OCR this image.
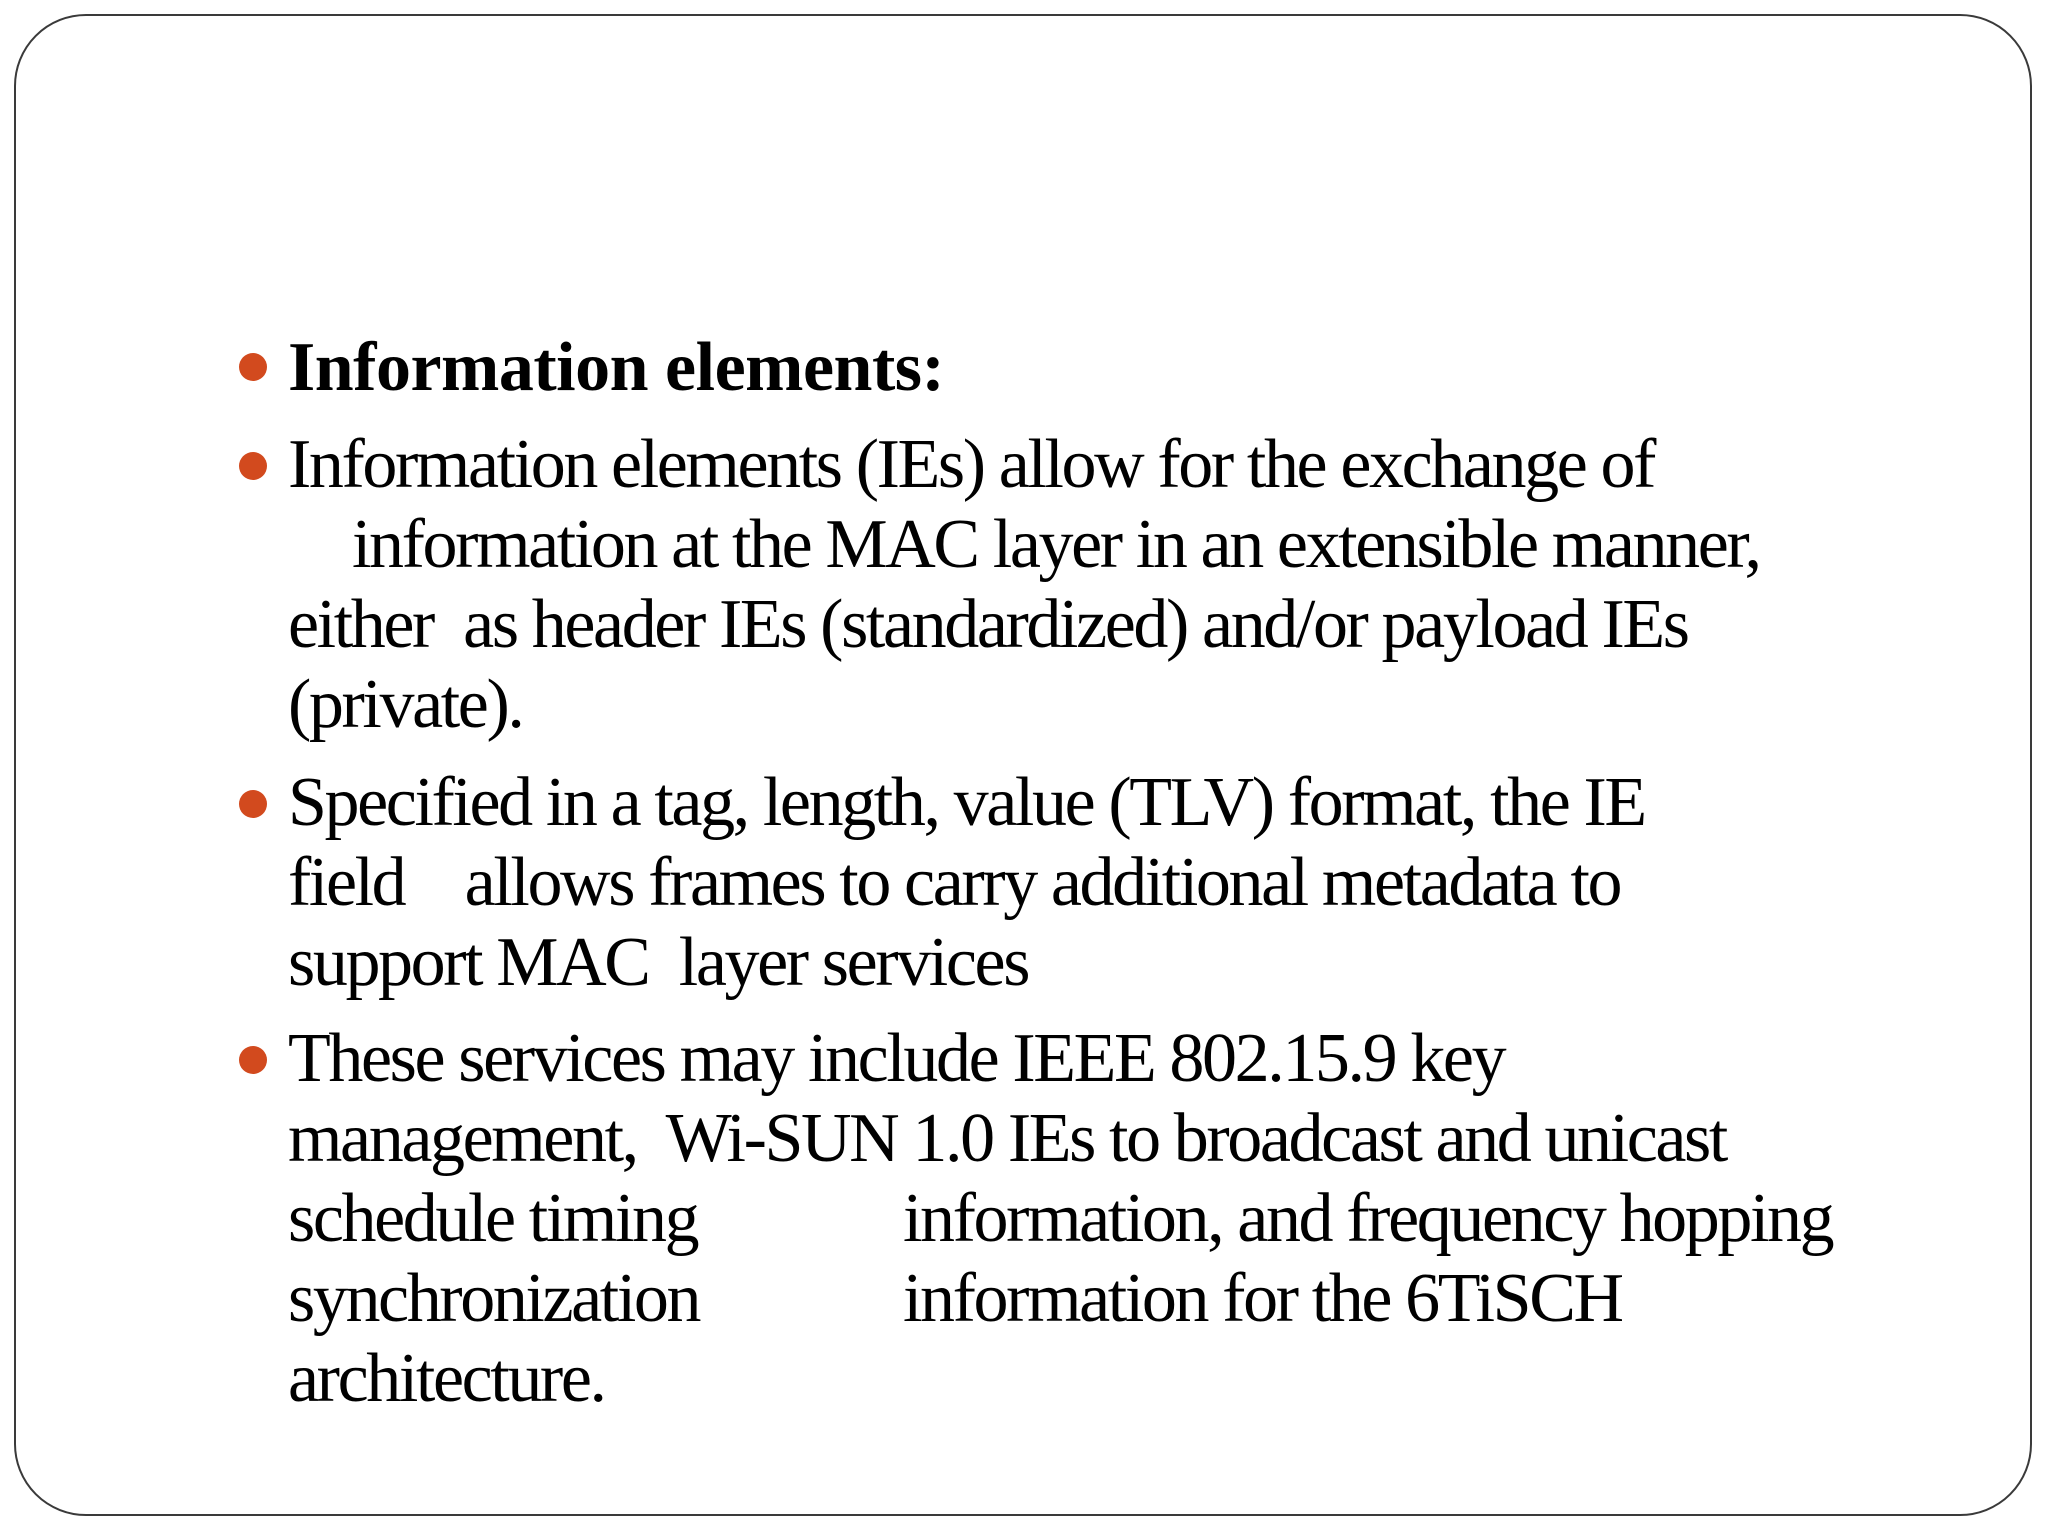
Information elements:
Information elements (IEs) allow for the exchange of
information at the MAC layer in an extensible manner,
either  as header IEs (standardized) and/or payload IEs
(private).
Specified in a tag, length, value (TLV) format, the IE
field    allows frames to carry additional metadata to
support MAC  layer services
These services may include IEEE 802.15.9 key
management,  Wi-SUN 1.0 IEs to broadcast and unicast
schedule timing	information, and frequency hopping
synchronization	information for the 6TiSCH
architecture.
